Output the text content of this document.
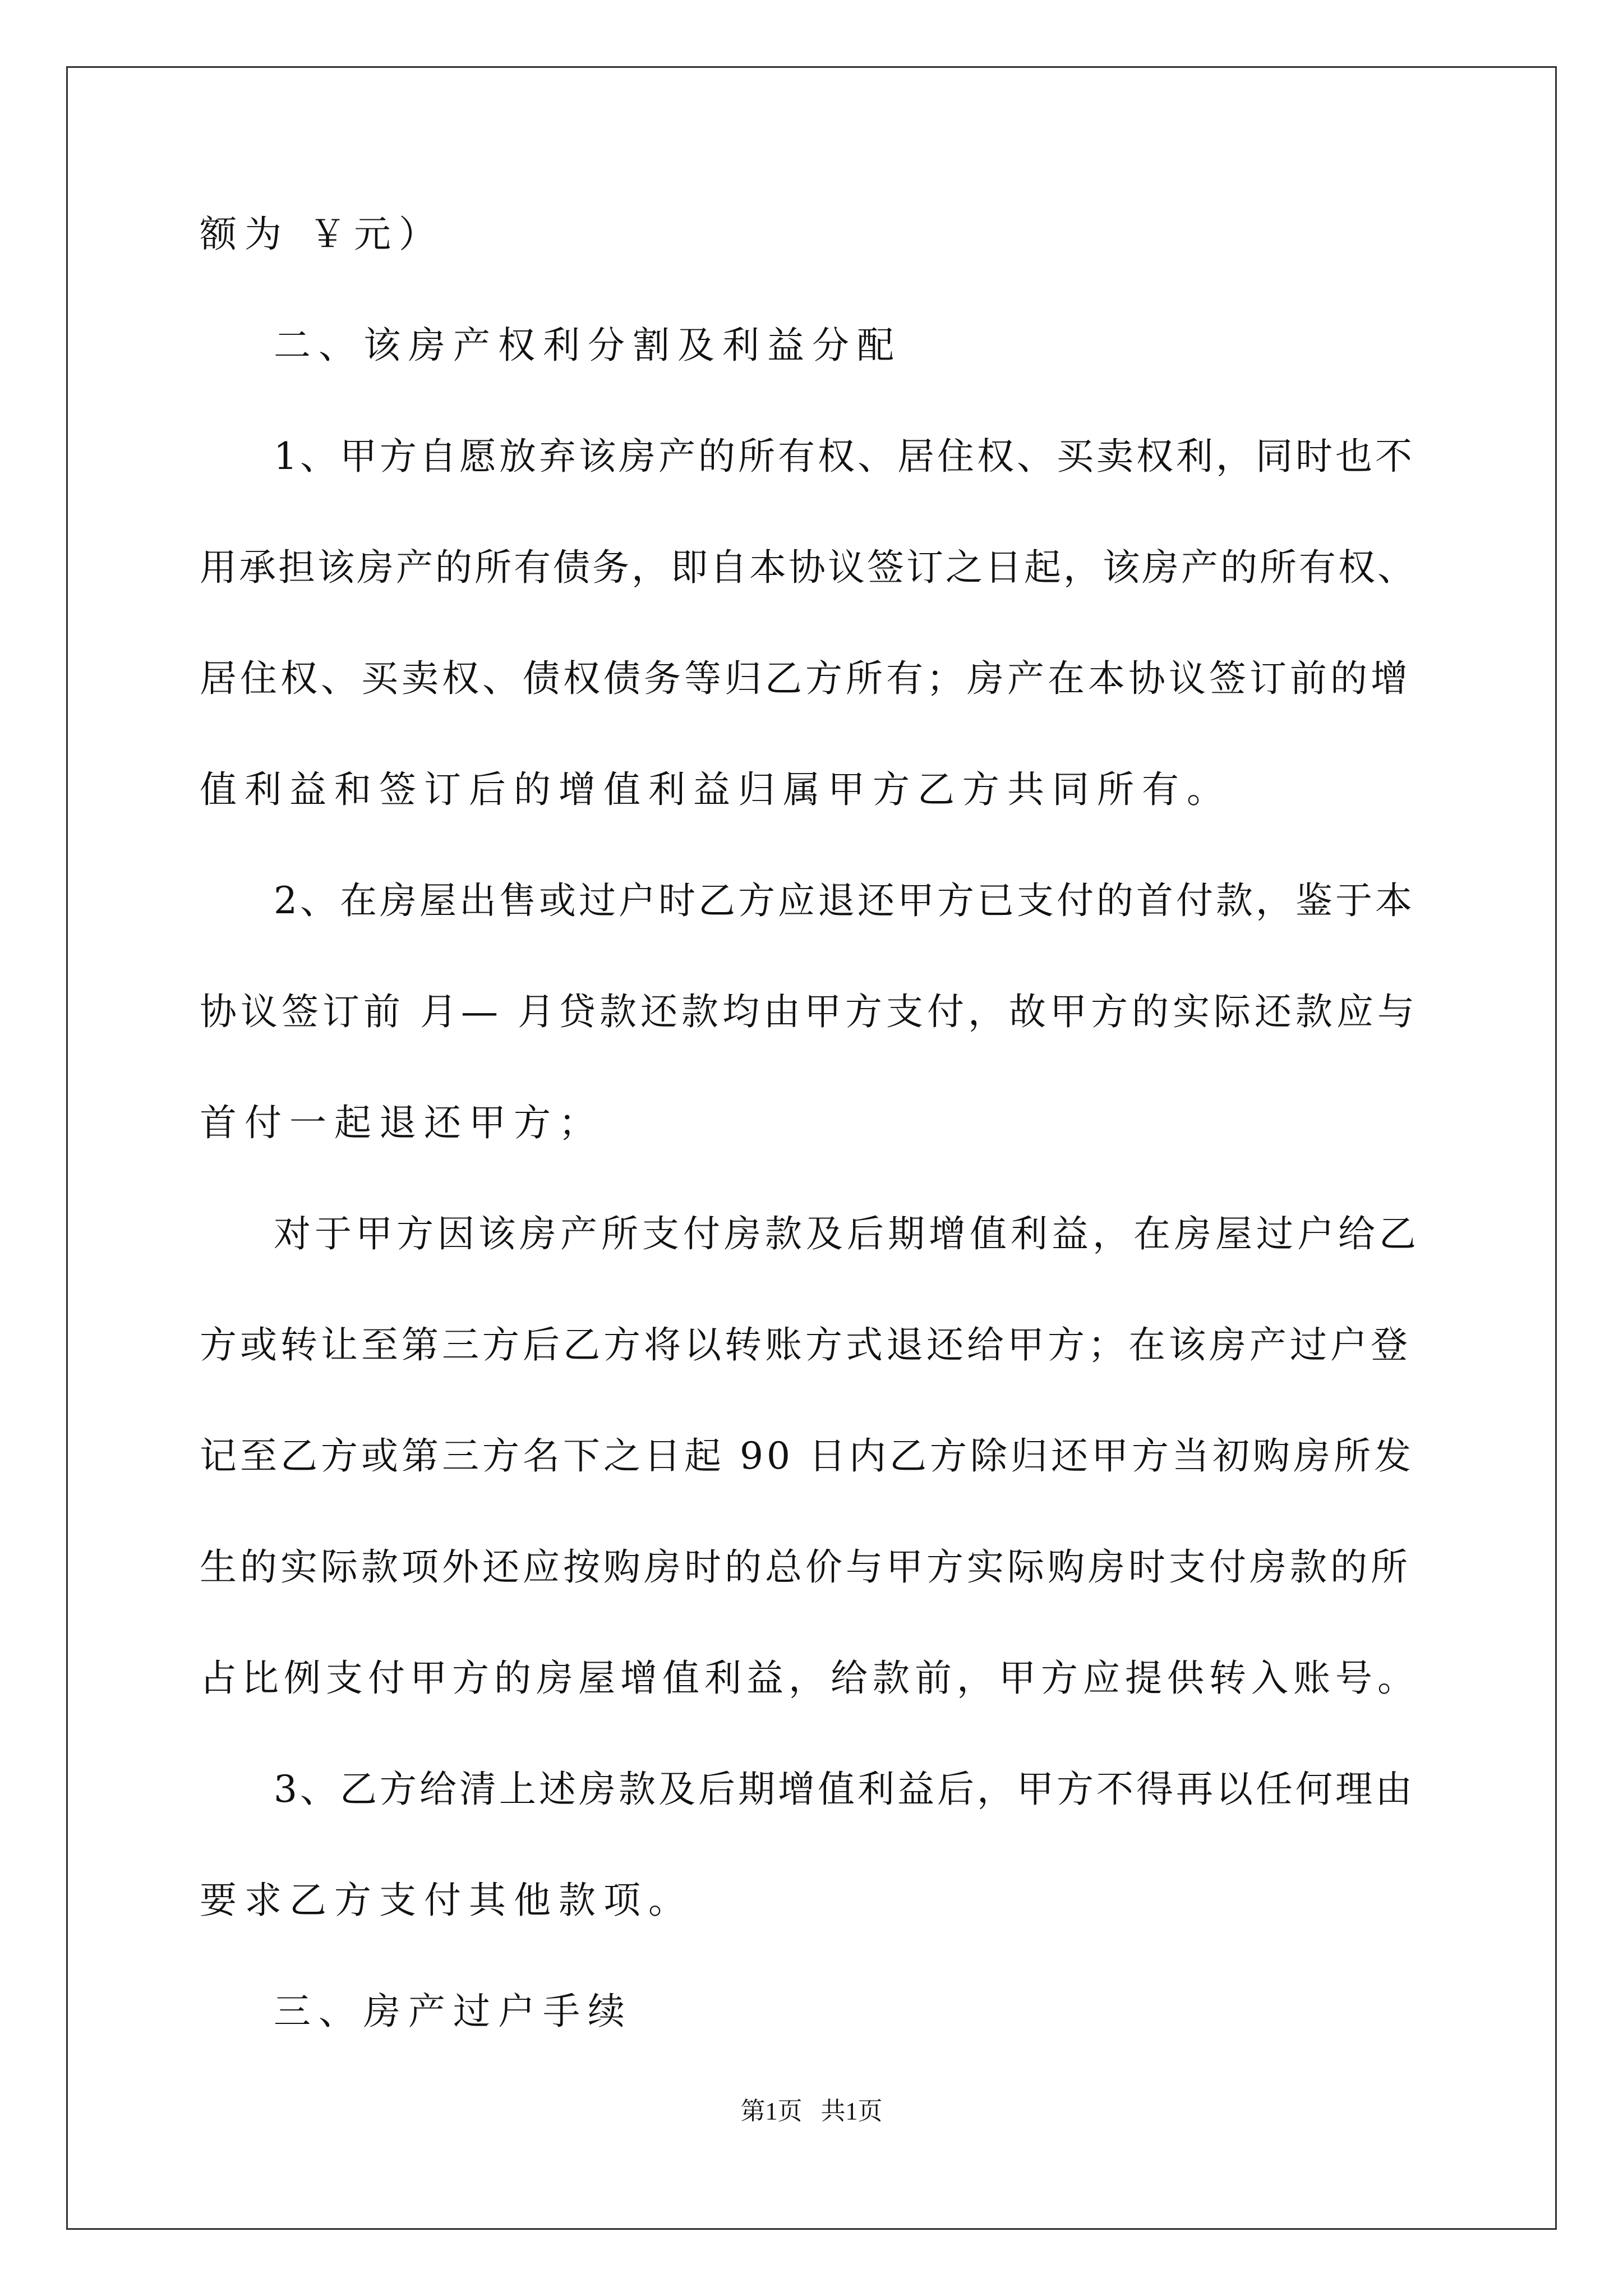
额为 ￥元）
二、该房产权利分割及利益分配
1、甲方自愿放弃该房产的所有权、居住权、买卖权利，同时也不
用承担该房产的所有债务，即自本协议签订之日起，该房产的所有权、
居住权、买卖权、债权债务等归乙方所有；房产在本协议签订前的增
值利益和签订后的增值利益归属甲方乙方共同所有。
2、在房屋出售或过户时乙方应退还甲方已支付的首付款，鉴于本
协议签订前 月— 月贷款还款均由甲方支付，故甲方的实际还款应与
首付一起退还甲方；
对于甲方因该房产所支付房款及后期增值利益，在房屋过户给乙
方或转让至第三方后乙方将以转账方式退还给甲方；在该房产过户登
记至乙方或第三方名下之日起 90 日内乙方除归还甲方当初购房所发
生的实际款项外还应按购房时的总价与甲方实际购房时支付房款的所
占比例支付甲方的房屋增值利益，给款前，甲方应提供转入账号。
3、乙方给清上述房款及后期增值利益后，甲方不得再以任何理由
要求乙方支付其他款项。
三、房产过户手续
第1页   共1页
